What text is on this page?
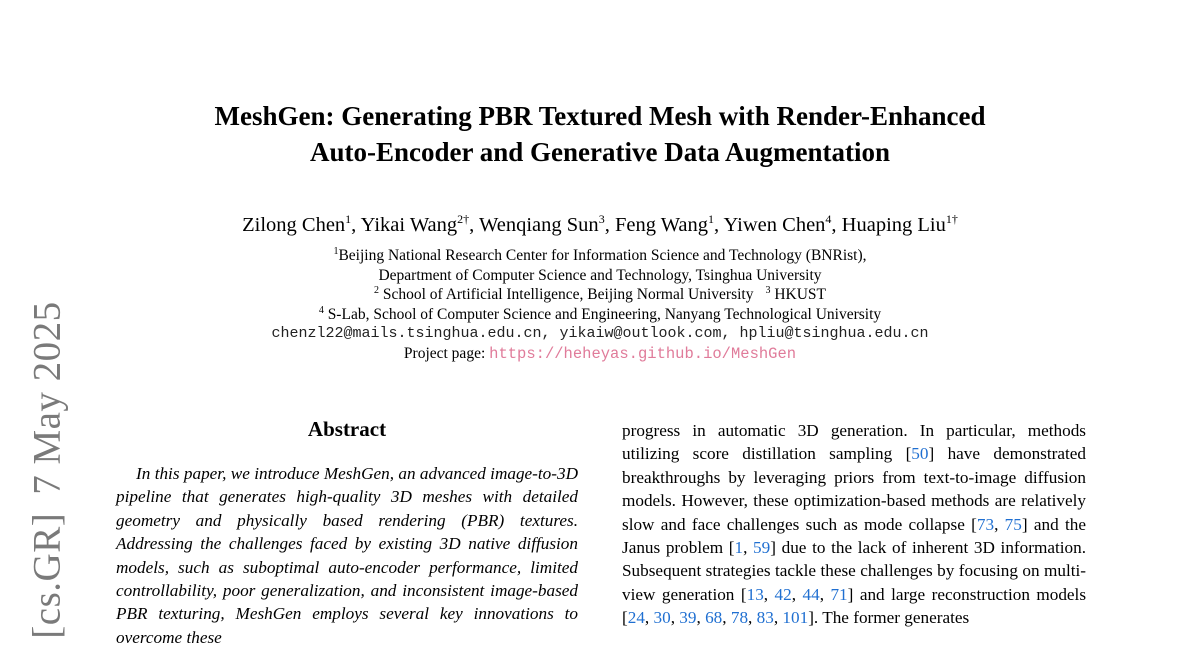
[cs.GR]7 May 2025
MeshGen: Generating PBR Textured Mesh with Render-Enhanced
Auto-Encoder and Generative Data Augmentation
Zilong Chen$^1$, Yikai Wang$^{2\dagger}$, Wenqiang Sun$^3$, Feng Wang$^1$, Yiwen Chen$^4$, Huaping Liu$^{1\dagger}$
$^1$Beijing National Research Center for Information Science and Technology (BNRist),
Department of Computer Science and Technology, Tsinghua University
$^2$ School of Artificial Intelligence, Beijing Normal University $^3$ HKUST
$^4$ S-Lab, School of Computer Science and Engineering, Nanyang Technological University
chenzl22@mails.tsinghua.edu.cn, yikaiw@outlook.com, hpliu@tsinghua.edu.cn
Project page: https://heheyas.github.io/MeshGen
Abstract

In this paper, we introduce MeshGen, an advanced image-to-3D pipeline that generates high-quality 3D meshes with detailed geometry and physically based rendering (PBR) textures. Addressing the challenges faced by existing 3D native diffusion models, such as suboptimal auto-encoder performance, limited controllability, poor generalization, and inconsistent image-based PBR texturing, MeshGen employs several key innovations to overcome these

progress in automatic 3D generation. In particular, methods utilizing score distillation sampling [50] have demonstrated breakthroughs by leveraging priors from text-to-image diffusion models. However, these optimization-based methods are relatively slow and face challenges such as mode collapse [73, 75] and the Janus problem [1, 59] due to the lack of inherent 3D information. Subsequent strategies tackle these challenges by focusing on multi-view generation [13, 42, 44, 71] and large reconstruction models [24, 30, 39, 68, 78, 83, 101]. The former generates
